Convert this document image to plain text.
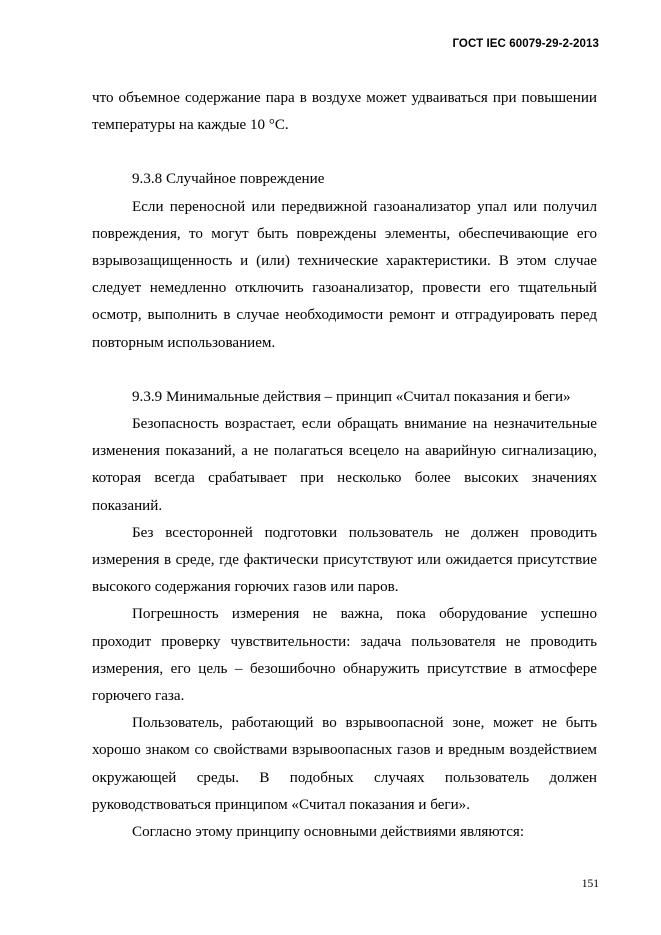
ГОСТ IEC 60079-29-2-2013

что объемное содержание пара в воздухе может удваиваться при повышении температуры на каждые 10 °С.

9.3.8 Случайное повреждение

Если переносной или передвижной газоанализатор упал или получил повреждения, то могут быть повреждены элементы, обеспечивающие его взрывозащищенность и (или) технические характеристики. В этом случае следует немедленно отключить газоанализатор, провести его тщательный осмотр, выполнить в случае необходимости ремонт и отградуировать перед повторным использованием.

9.3.9 Минимальные действия – принцип «Считал показания и беги»

Безопасность возрастает, если обращать внимание на незначительные изменения показаний, а не полагаться всецело на аварийную сигнализацию, которая всегда срабатывает при несколько более высоких значениях показаний.

Без всесторонней подготовки пользователь не должен проводить измерения в среде, где фактически присутствуют или ожидается присутствие высокого содержания горючих газов или паров.

Погрешность измерения не важна, пока оборудование успешно проходит проверку чувствительности: задача пользователя не проводить измерения, его цель – безошибочно обнаружить присутствие в атмосфере горючего газа.

Пользователь, работающий во взрывоопасной зоне, может не быть хорошо знаком со свойствами взрывоопасных газов и вредным воздействием окружающей среды. В подобных случаях пользователь должен руководствоваться принципом «Считал показания и беги».

Согласно этому принципу основными действиями являются:

151
